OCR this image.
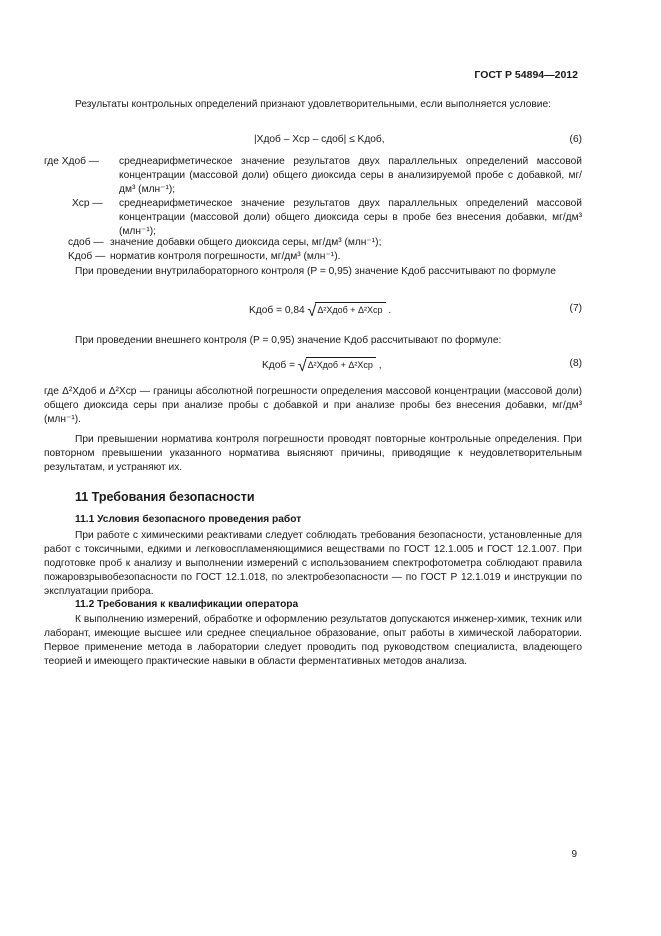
ГОСТ Р 54894—2012
Результаты контрольных определений признают удовлетворительными, если выполняется условие:
|Xдоб – Xср – cдоб| ≤ Kдоб,	(6)
где Xдоб — среднеарифметическое значение результатов двух параллельных определений массовой концентрации (массовой доли) общего диоксида серы в анализируемой пробе с добавкой, мг/дм³ (млн⁻¹);
Xср — среднеарифметическое значение результатов двух параллельных определений массовой концентрации (массовой доли) общего диоксида серы в пробе без внесения добавки, мг/дм³ (млн⁻¹);
cдоб — значение добавки общего диоксида серы, мг/дм³ (млн⁻¹);
Kдоб — норматив контроля погрешности, мг/дм³ (млн⁻¹).
При проведении внутрилабораторного контроля (P = 0,95) значение Kдоб рассчитывают по формуле
Kдоб = 0,84 √Δ²Xдоб + Δ²Xср .	(7)
При проведении внешнего контроля (P = 0,95) значение Kдоб рассчитывают по формуле:
Kдоб = √Δ²Xдоб + Δ²Xср ,	(8)
где Δ²Xдоб и Δ²Xср — границы абсолютной погрешности определения массовой концентрации (массовой доли) общего диоксида серы при анализе пробы с добавкой и при анализе пробы без внесения добавки, мг/дм³ (млн⁻¹).
При превышении норматива контроля погрешности проводят повторные контрольные определения. При повторном превышении указанного норматива выясняют причины, приводящие к неудовлетворительным результатам, и устраняют их.
11 Требования безопасности
11.1 Условия безопасного проведения работ
При работе с химическими реактивами следует соблюдать требования безопасности, установленные для работ с токсичными, едкими и легковоспламеняющимися веществами по ГОСТ 12.1.005 и ГОСТ 12.1.007. При подготовке проб к анализу и выполнении измерений с использованием спектрофотометра соблюдают правила пожаровзрывобезопасности по ГОСТ 12.1.018, по электробезопасности — по ГОСТ Р 12.1.019 и инструкции по эксплуатации прибора.
11.2 Требования к квалификации оператора
К выполнению измерений, обработке и оформлению результатов допускаются инженер-химик, техник или лаборант, имеющие высшее или среднее специальное образование, опыт работы в химической лаборатории. Первое применение метода в лаборатории следует проводить под руководством специалиста, владеющего теорией и имеющего практические навыки в области ферментативных методов анализа.
9
